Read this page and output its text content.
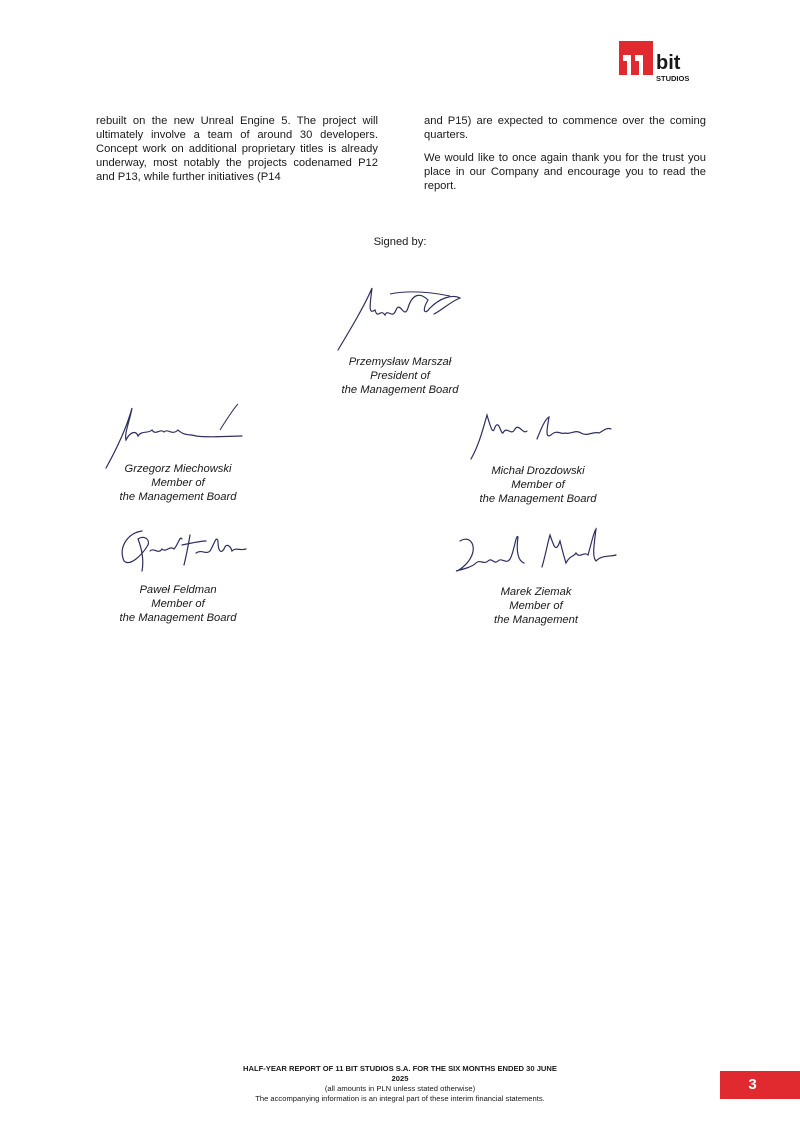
bit
STUDIOS

rebuilt on the new Unreal Engine 5. The project will ultimately involve a team of around 30 developers. Concept work on additional proprietary titles is already underway, most notably the projects codenamed P12 and P13, while further initiatives (P14

and P15) are expected to commence over the coming quarters.

We would like to once again thank you for the trust you place in our Company and encourage you to read the report.

Signed by:
Przemysław Marszał
President of
the Management Board
Grzegorz Miechowski
Member of
the Management Board
Michał Drozdowski
Member of
the Management Board
Paweł Feldman
Member of
the Management Board
Marek Ziemak
Member of
the Management
HALF-YEAR REPORT OF 11 BIT STUDIOS S.A. FOR THE SIX MONTHS ENDED 30 JUNE
2025
(all amounts in PLN unless stated otherwise)
The accompanying information is an integral part of these interim financial statements.
3
